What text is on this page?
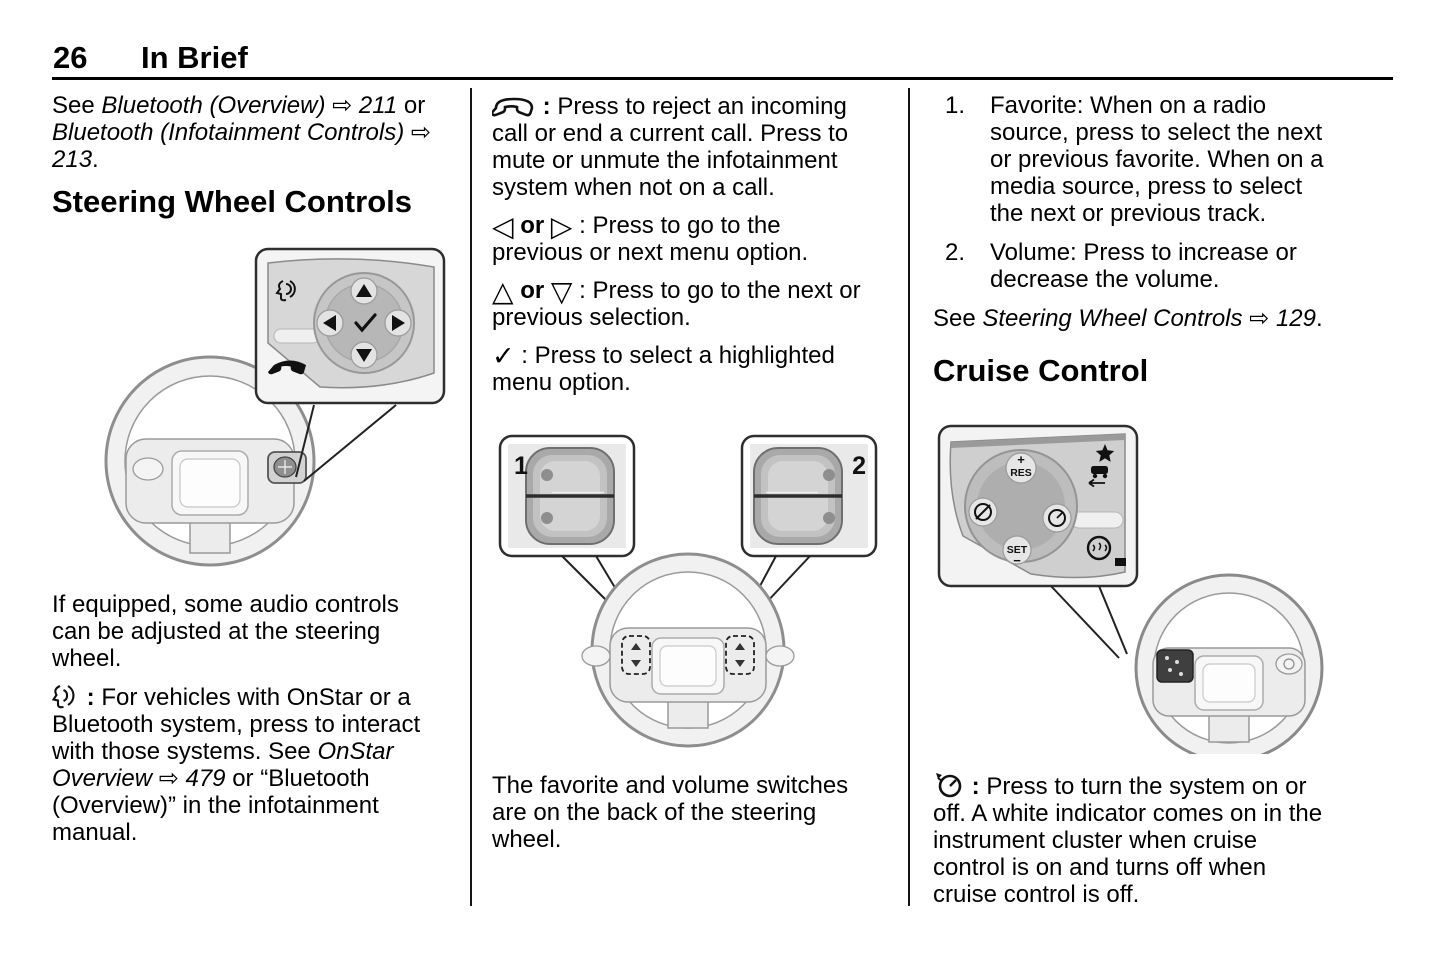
26 In Brief

See Bluetooth (Overview) ⇨ 211 or Bluetooth (Infotainment Controls) ⇨ 213.

Steering Wheel Controls

If equipped, some audio controls can be adjusted at the steering wheel.

: For vehicles with OnStar or a Bluetooth system, press to interact with those systems. See OnStar Overview ⇨ 479 or “Bluetooth (Overview)” in the infotainment manual.

: Press to reject an incoming call or end a current call. Press to mute or unmute the infotainment system when not on a call.

◁ or ▷ : Press to go to the previous or next menu option.

△ or ▽ : Press to go to the next or previous selection.

✓ : Press to select a highlighted menu option.

1	2

The favorite and volume switches are on the back of the steering wheel.

1. Favorite: When on a radio source, press to select the next or previous favorite. When on a media source, press to select the next or previous track.
2. Volume: Press to increase or decrease the volume.

See Steering Wheel Controls ⇨ 129.

Cruise Control
+
RES
SET
−

: Press to turn the system on or off. A white indicator comes on in the instrument cluster when cruise control is on and turns off when cruise control is off.
